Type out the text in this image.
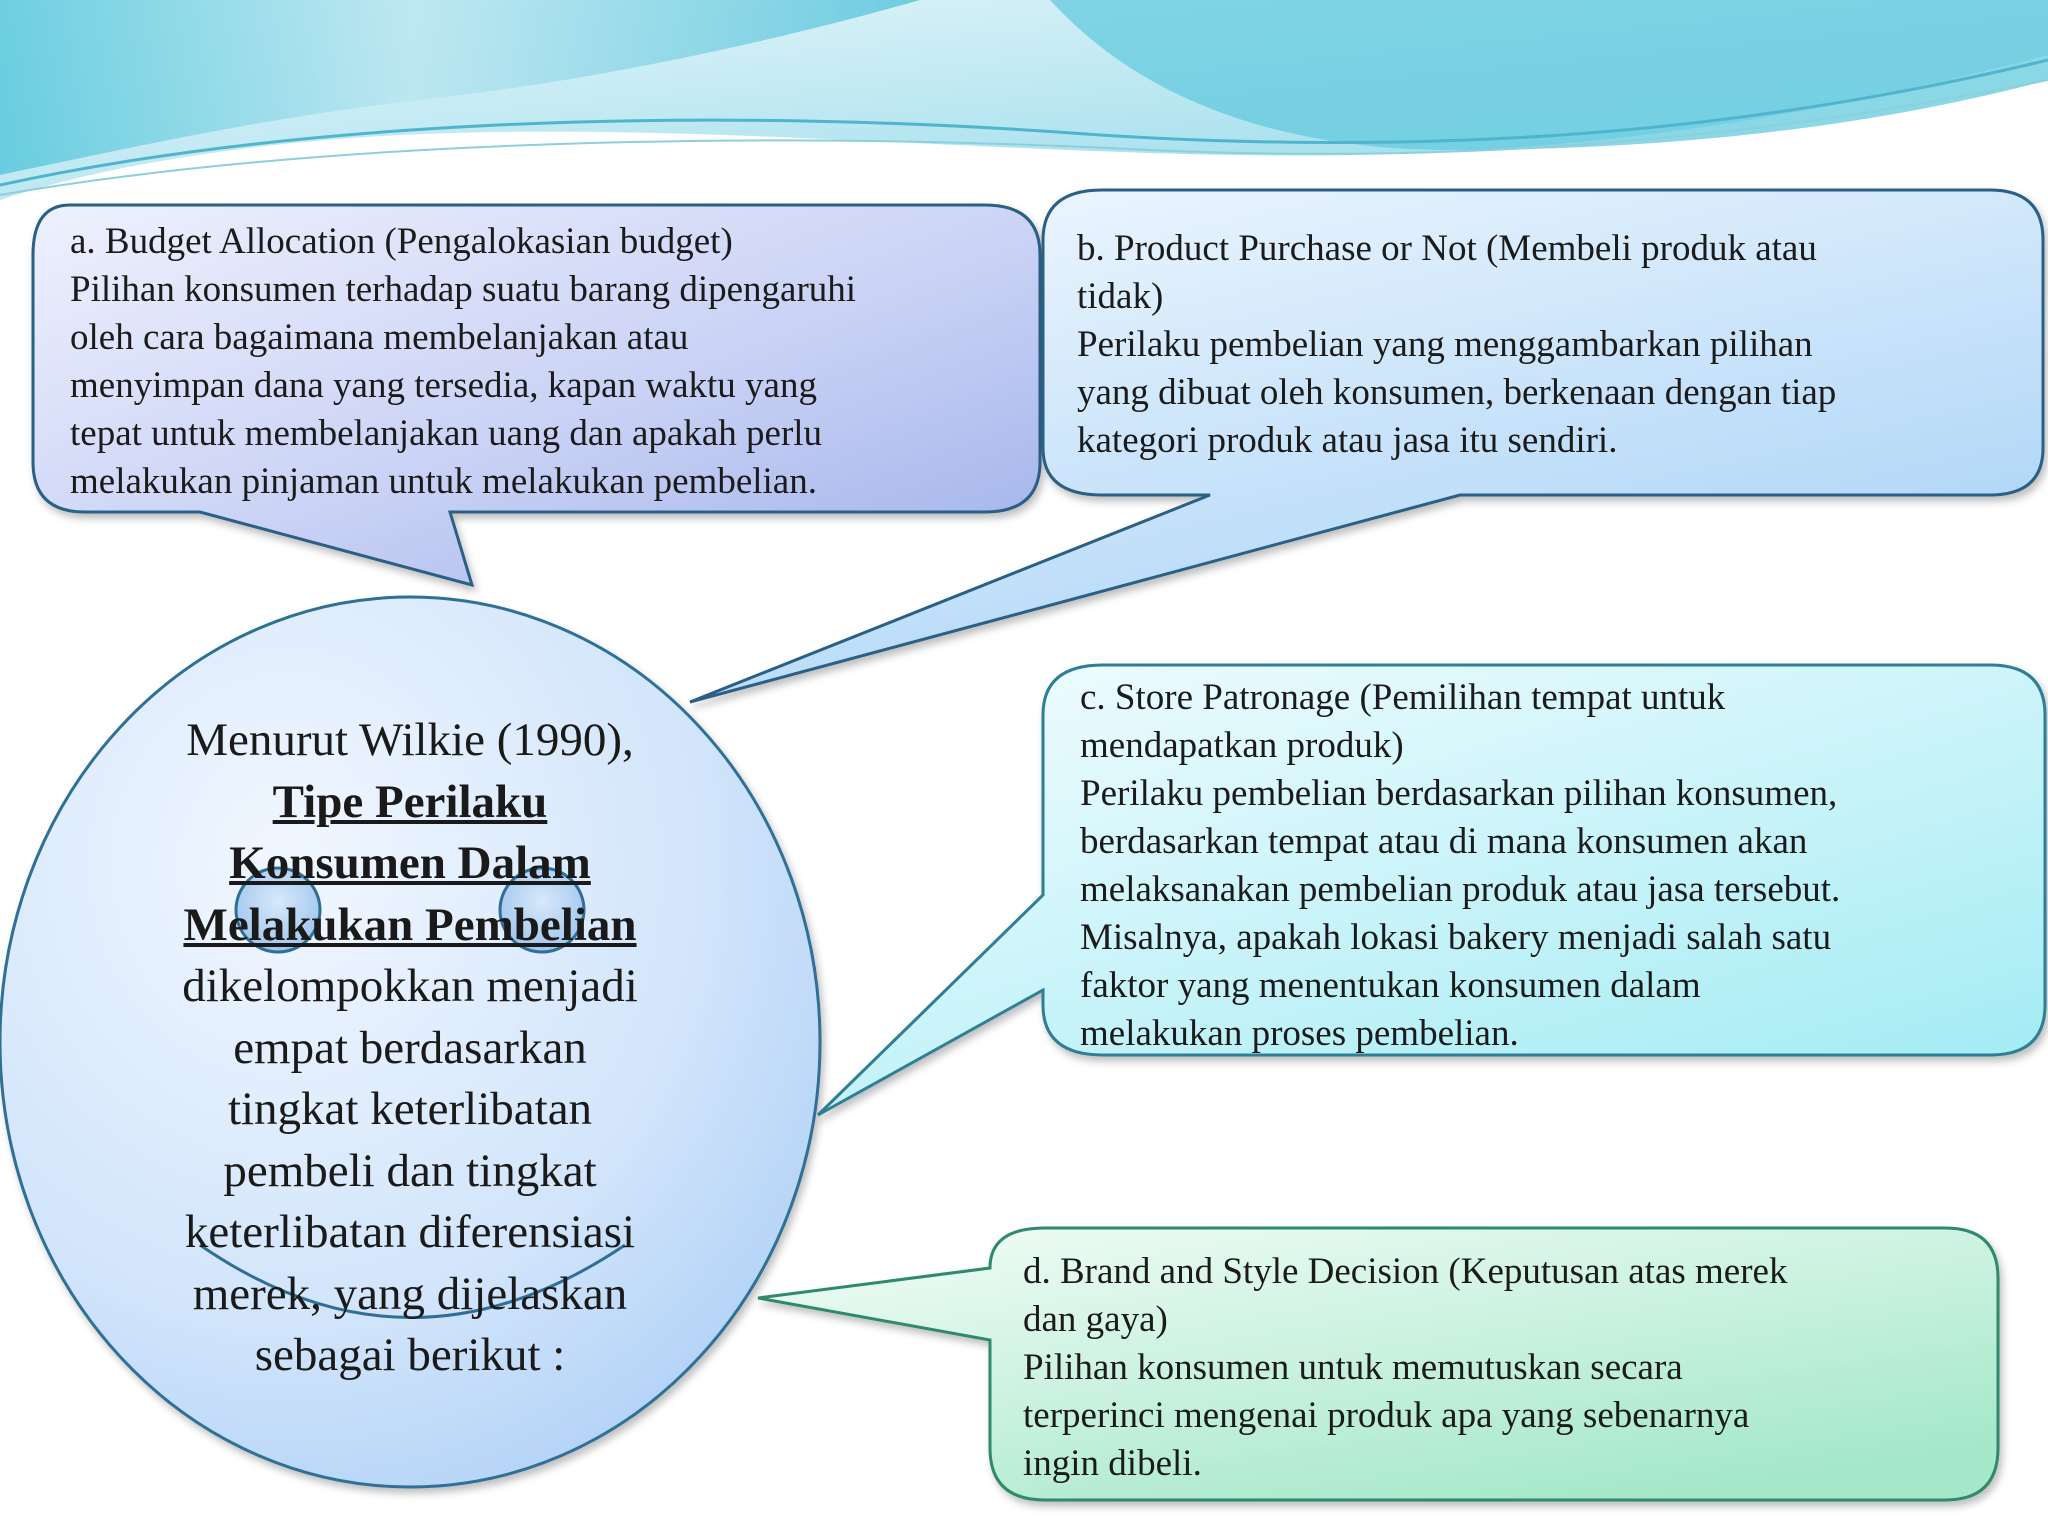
a. Budget Allocation (Pengalokasian budget)
Pilihan konsumen terhadap suatu barang dipengaruhi
oleh cara bagaimana membelanjakan atau
menyimpan dana yang tersedia, kapan waktu yang
tepat untuk membelanjakan uang dan apakah perlu
melakukan pinjaman untuk melakukan pembelian.
b. Product Purchase or Not (Membeli produk atau
tidak)
Perilaku pembelian yang menggambarkan pilihan
yang dibuat oleh konsumen, berkenaan dengan tiap
kategori produk atau jasa itu sendiri.
c. Store Patronage (Pemilihan tempat untuk
mendapatkan produk)
Perilaku pembelian berdasarkan pilihan konsumen,
berdasarkan tempat atau di mana konsumen akan
melaksanakan pembelian produk atau jasa tersebut.
Misalnya, apakah lokasi bakery menjadi salah satu
faktor yang menentukan konsumen dalam
melakukan proses pembelian.
d. Brand and Style Decision (Keputusan atas merek
dan gaya)
Pilihan konsumen untuk memutuskan secara
terperinci mengenai produk apa yang sebenarnya
ingin dibeli.
Menurut Wilkie (1990),
Tipe Perilaku
Konsumen Dalam
Melakukan Pembelian
dikelompokkan menjadi
empat berdasarkan
tingkat keterlibatan
pembeli dan tingkat
keterlibatan diferensiasi
merek, yang dijelaskan
sebagai berikut :
